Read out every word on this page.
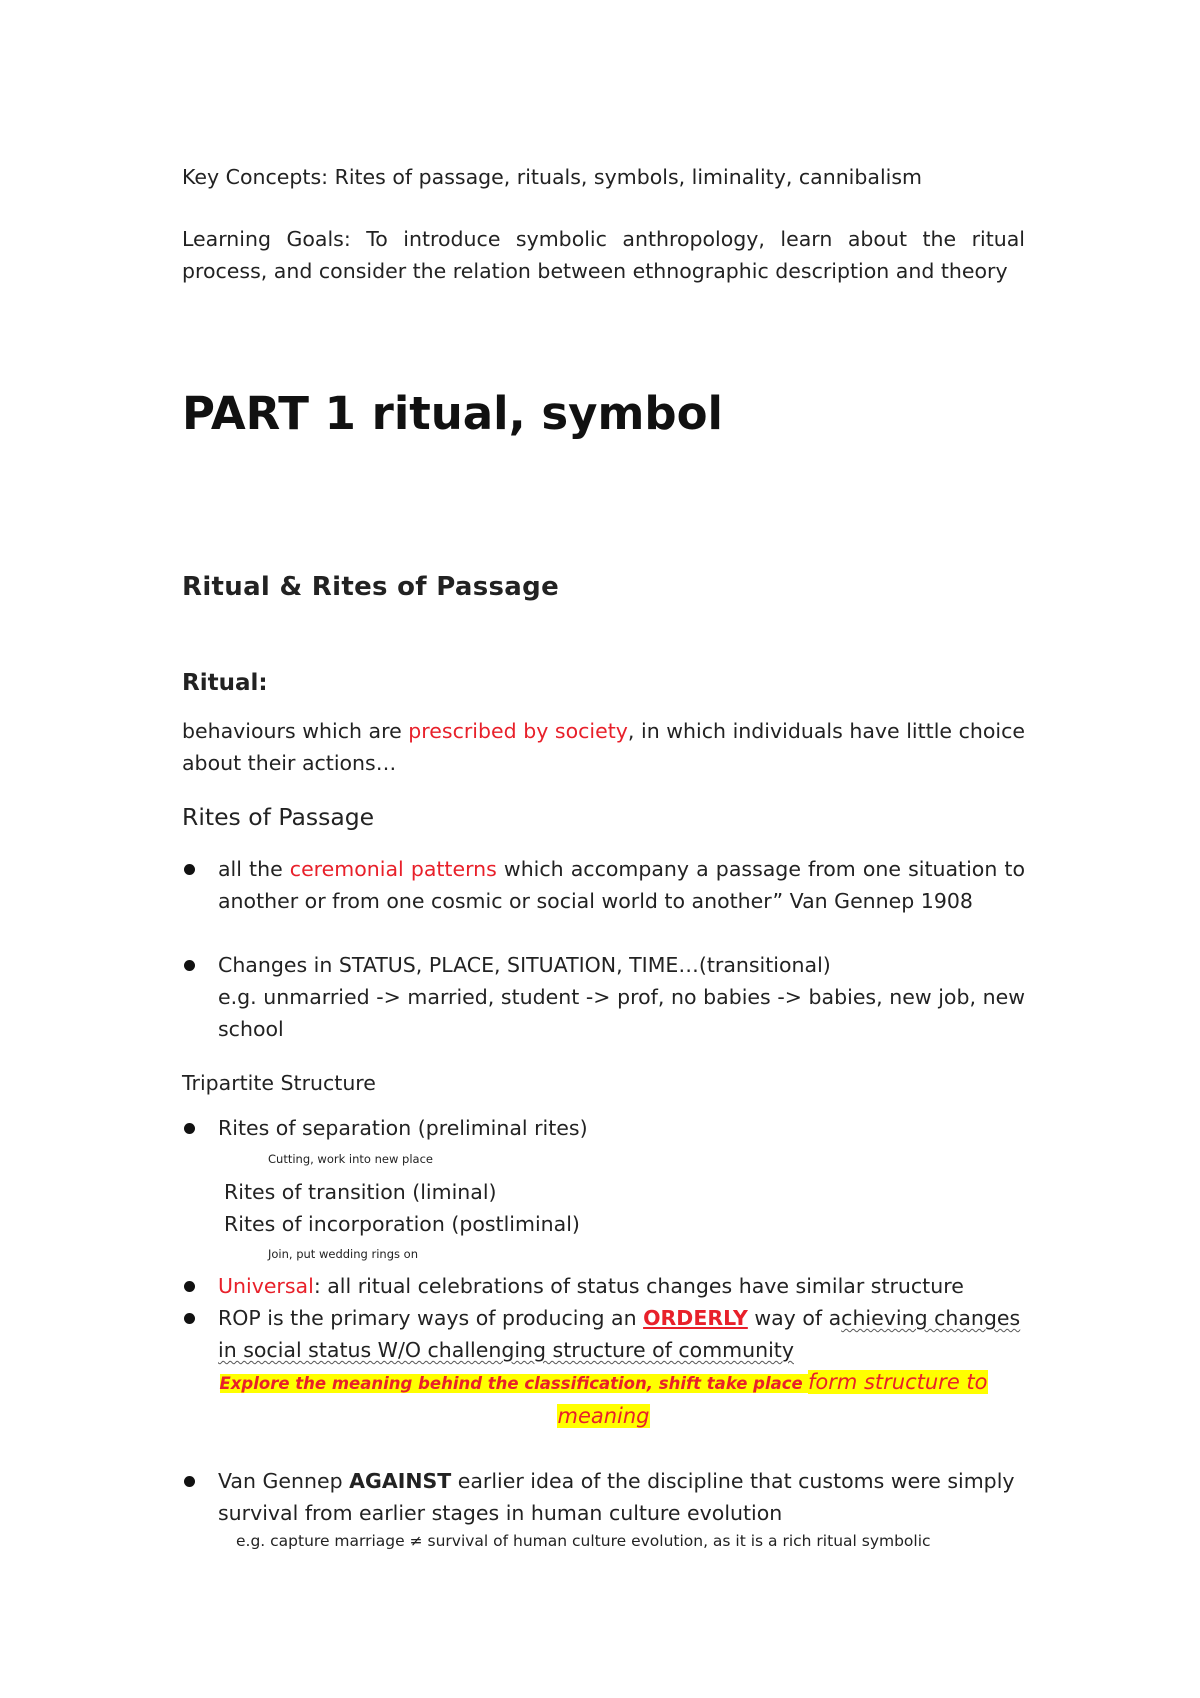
Key Concepts: Rites of passage, rituals, symbols, liminality, cannibalism

Learning Goals: To introduce symbolic anthropology, learn about the ritual process, and consider the relation between ethnographic description and theory

PART 1 ritual, symbol
Ritual & Rites of Passage
Ritual:

behaviours which are prescribed by society, in which individuals have little choice about their actions…

Rites of Passage

all the ceremonial patterns which accompany a passage from one situation to another or from one cosmic or social world to another” Van Gennep 1908

Changes in STATUS, PLACE, SITUATION, TIME…(transitional)
e.g. unmarried -> married, student -> prof, no babies -> babies, new job, new school

Tripartite Structure

Rites of separation (preliminal rites)
Cutting, work into new place
Rites of transition (liminal)
Rites of incorporation (postliminal)
Join, put wedding rings on
Universal: all ritual celebrations of status changes have similar structure
ROP is the primary ways of producing an ORDERLY way of achieving changes
in social status W/O challenging structure of community
Explore the meaning behind the classification, shift take place form structure to meaning

Van Gennep AGAINST earlier idea of the discipline that customs were simply survival from earlier stages in human culture evolution

e.g. capture marriage ≠ survival of human culture evolution, as it is a rich ritual symbolic
